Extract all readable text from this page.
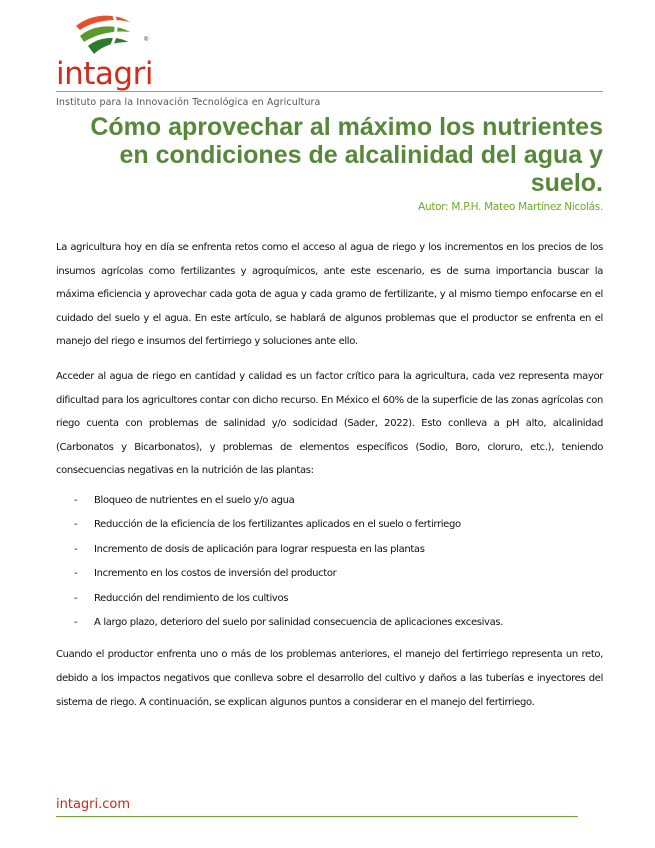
intagri
®
Instituto para la Innovación Tecnológica en Agricultura
Cómo aprovechar al máximo los nutrientes en condiciones de alcalinidad del agua y suelo.
Autor: M.P.H. Mateo Martínez Nicolás.

La agricultura hoy en día se enfrenta retos como el acceso al agua de riego y los incrementos en los precios de los insumos agrícolas como fertilizantes y agroquímicos, ante este escenario, es de suma importancia buscar la máxima eficiencia y aprovechar cada gota de agua y cada gramo de fertilizante, y al mismo tiempo enfocarse en el cuidado del suelo y el agua. En este artículo, se hablará de algunos problemas que el productor se enfrenta en el manejo del riego e insumos del fertirriego y soluciones ante ello.

Acceder al agua de riego en cantidad y calidad es un factor crítico para la agricultura, cada vez representa mayor dificultad para los agricultores contar con dicho recurso. En México el 60% de la superficie de las zonas agrícolas con riego cuenta con problemas de salinidad y/o sodicidad (Sader, 2022). Esto conlleva a pH alto, alcalinidad (Carbonatos y Bicarbonatos), y problemas de elementos específicos (Sodio, Boro, cloruro, etc.), teniendo consecuencias negativas en la nutrición de las plantas:

- Bloqueo de nutrientes en el suelo y/o agua
- Reducción de la eficiencia de los fertilizantes aplicados en el suelo o fertirriego
- Incremento de dosis de aplicación para lograr respuesta en las plantas
- Incremento en los costos de inversión del productor
- Reducción del rendimiento de los cultivos
- A largo plazo, deterioro del suelo por salinidad consecuencia de aplicaciones excesivas.

Cuando el productor enfrenta uno o más de los problemas anteriores, el manejo del fertirriego representa un reto, debido a los impactos negativos que conlleva sobre el desarrollo del cultivo y daños a las tuberías e inyectores del sistema de riego. A continuación, se explican algunos puntos a considerar en el manejo del fertirriego.

intagri.com
